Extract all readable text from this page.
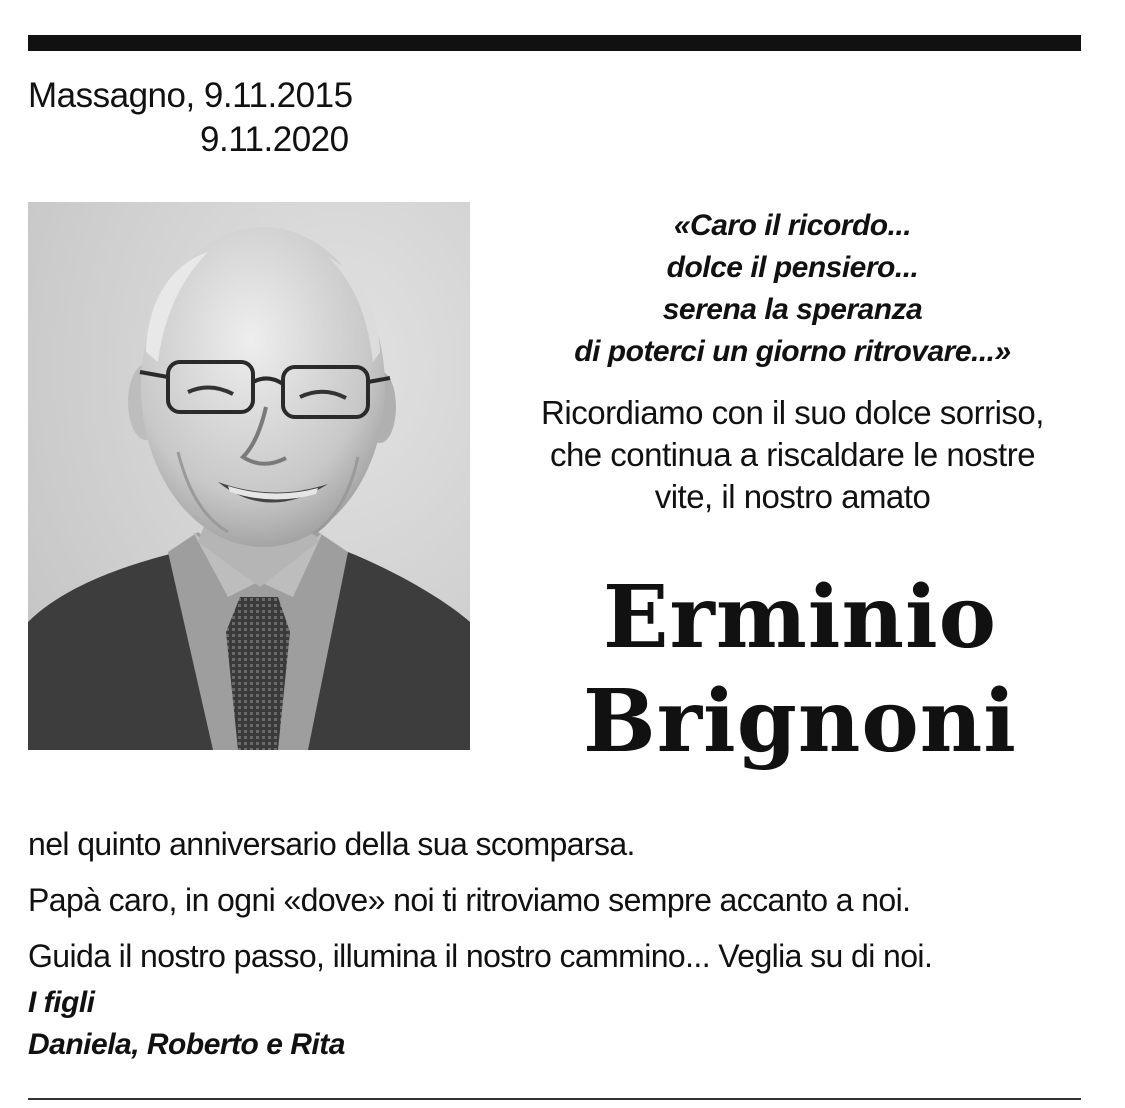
Massagno, 9.11.2015
9.11.2020
«Caro il ricordo...
dolce il pensiero...
serena la speranza
di poterci un giorno ritrovare...»
Ricordiamo con il suo dolce sorriso,
che continua a riscaldare le nostre
vite, il nostro amato
Erminio
Brignoni
nel quinto anniversario della sua scomparsa.
Papà caro, in ogni «dove» noi ti ritroviamo sempre accanto a noi.
Guida il nostro passo, illumina il nostro cammino... Veglia su di noi.
I figli
Daniela, Roberto e Rita
